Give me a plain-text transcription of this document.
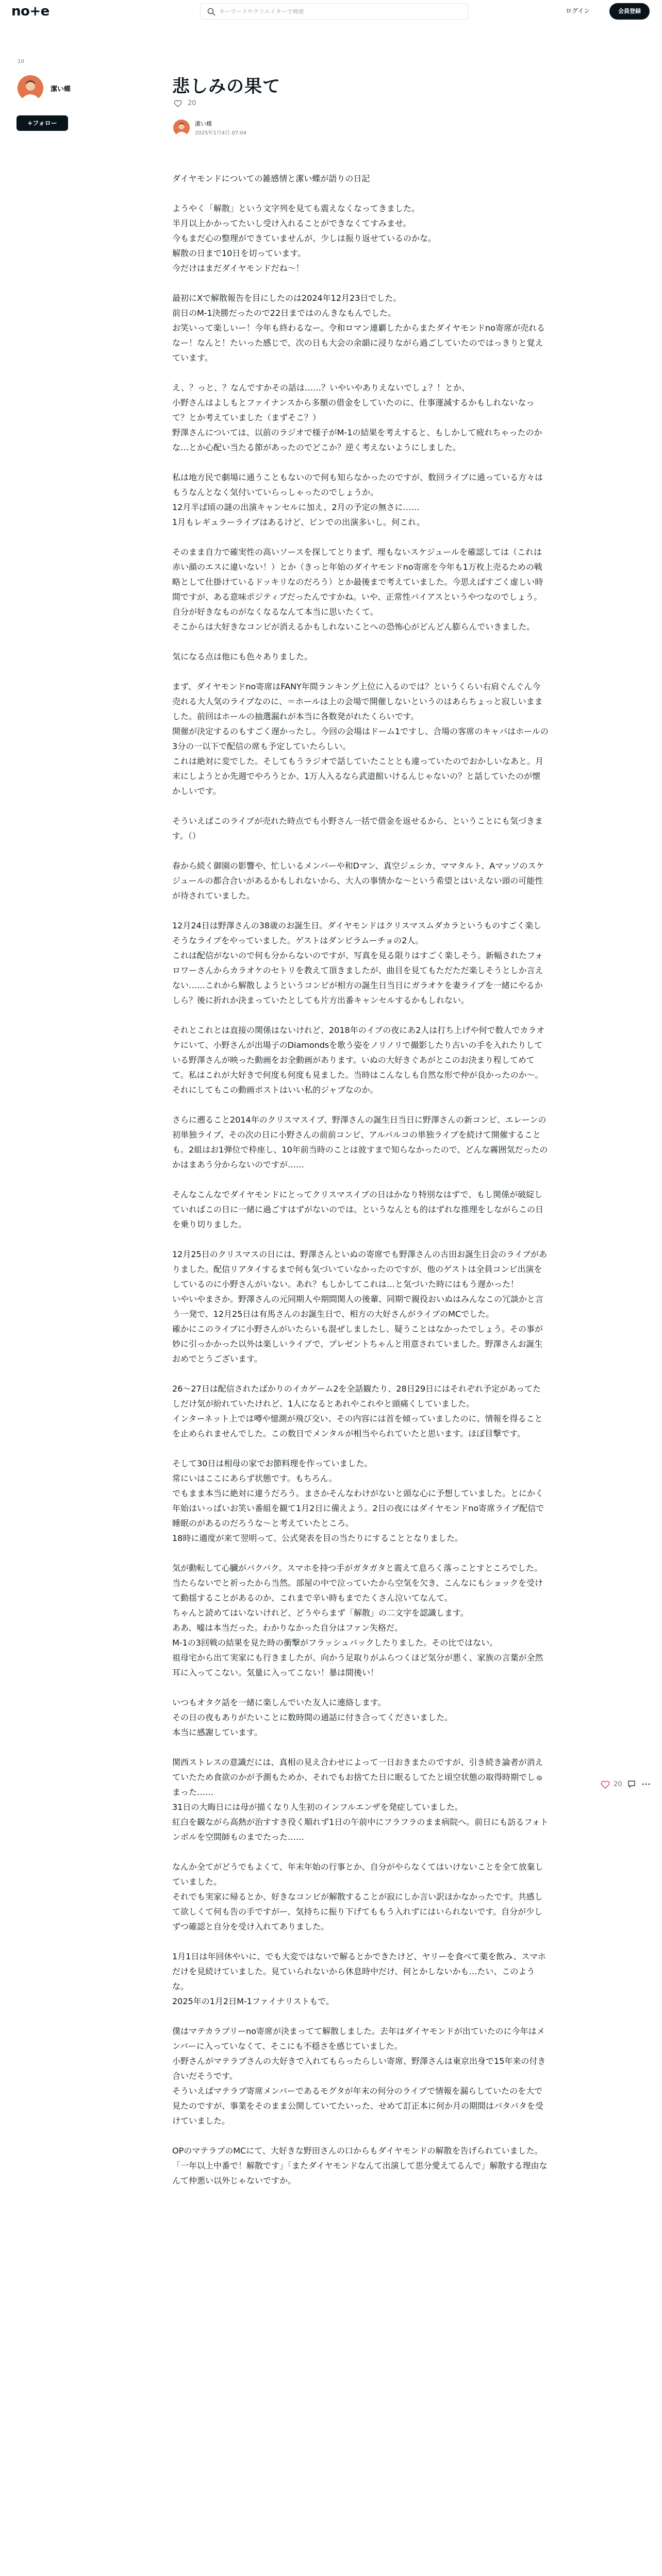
no+e
キーワードやクリエイターで検索	ログイン	会員登録
10
潔い蝶
+フォロー
悲しみの果て
20
潔い蝶
2025年1月4日 07:04

ダイヤモンドについての雑感情と潔い蝶が語りの日記

ようやく「解散」という文字列を見ても震えなくなってきました。
半月以上かかってたいし受け入れることができなくてすみませ。
今もまだ心の整理ができていませんが、少しは振り返せているのかな。
解散の日まで10日を切っています。
今だけはまだダイヤモンドだね～！

最初にXで解散報告を目にしたのは2024年12月23日でした。
前日のM-1決勝だったので22日まではのんきなもんでした。
お笑いって楽しいー！今年も終わるなー。令和ロマン連覇したからまたダイヤモンドno寄席が売れるなー！なんと！たいった感じで、次の日も大会の余韻に浸りながら過ごしていたのではっきりと覚えています。

え、？っと、？なんですかその話は……？いやいやありえないでしょ？！とか、
小野さんはよしもとファイナンスから多額の借金をしていたのに、仕事運減するかもしれないなって？とか考えていました（まずそこ？）
野澤さんについては、以前のラジオで様子がM-1の結果を考えすると、もしかして疲れちゃったのかな…とか心配い当たる節があったのでどこか？逆く考えないようにしました。

私は地方民で劇場に通うこともないので何も知らなかったのですが、数回ライブに通っている方々はもうなんとなく気付いていらっしゃったのでしょうか。
12月半ば頃の謎の出演キャンセルに加え、2月の予定の無さに……
1月もレギュラーライブはあるけど、ピンでの出演多いし。何これ。

そのまま自力で確実性の高いソースを探してとりまず、埋もないスケジュールを確認しては（これは赤い顔のエスに違いない！）とか（きっと年始のダイヤモンドno寄席を今年も1万枚上売るための戦略として仕掛けているドッキリなのだろう）とか最後まで考えていました。今思えばすごく虚しい時間ですが、ある意味ポジティブだったんですかね。いや、正常性バイアスというやつなのでしょう。自分が好きなものがなくなるなんて本当に思いたくて。
そこからは大好きなコンビが消えるかもしれないことへの恐怖心がどんどん膨らんでいきました。

気になる点は他にも色々ありました。

まず、ダイヤモンドno寄席はFANY年間ランキング上位に入るのでは？というくらい右肩ぐんぐん今売れる大人気のライブなのに、＝ホールは上の会場で開催しないというのはあらちょっと寂しいまました。前回はホールの抽選漏れが本当に各数発がれたくらいです。
開催が決定するのもすごく遅かったし。今回の会場はドーム1ですし、合場の客席のキャパはホールの3分の一以下で配信の席も予定していたらしい。
これは絶対に変でした。そしてもうラジオで話していたこととも違っていたのでおかしいなあと。月末にしようとか先週でやろうとか、1万人入るなら武道館いけるんじゃないの？と話していたのが懐かしいです。

そういえばこのライブが売れた時点でも小野さん一括で借金を返せるから、ということにも気づきます。（）

春から続く御園の影響や、忙しいるメンバーや和Dマン、真空ジェシカ、ママタルト、Aマッソのスケジュールの都合合いがあるかもしれないから、大人の事情かな～という希望とはいえない頭の可能性が待されていました。

12月24日は野澤さんの38歳のお誕生日。ダイヤモンドはクリスマスムダカラというものすごく楽しそうなライブをやっていました。ゲストはダンビラムーチョの2人。
これは配信がないので何も分からないのですが、写真を見る限りはすごく楽しそう。新幅されたフォロワーさんからカラオケのセトリを教えて頂きましたが、曲目を見てもただただ楽しそうとしか言えない……これから解散しようというコンビが相方の誕生日当日にガラオケを妻ライブを一緒にやるかしら？後に折れか決まっていたとしても片方出番キャンセルするかもしれない。

それとこれとは直接の関係はないけれど、2018年のイブの夜にあ2人は打ち上げや何で数人でカラオケにいて、小野さんが出場子のDiamondsを歌う姿をノリノリで撮影したり古いの手を入れたりしている野澤さんが映った動画をお全動画があります。いぬの大好きぐあがとこのお決まり程してめてて。私はこれが大好きで何度も何度も見ました。当時はこんなしも自然な形で仲が良かったのか～。それにしてもこの動画ポストはいい私的ジャブなのか。

さらに遡ること2014年のクリスマスイブ、野澤さんの誕生日当日に野澤さんの新コンビ、エレーンの初単独ライブ、その次の日に小野さんの前前コンビ、アルパルコの単独ライブを続けて開催することも。2組はお1弾位で枠座し、10年前当時のことは彼すまで知らなかったので、どんな霧囲気だったのかはまあう分からないのですが……

そんなこんなでダイヤモンドにとってクリスマスイブの日はかなり特別なはずで、もし関係が破綻していればこの日に一緒に過ごすはずがないのでは。というなんとも的はずれな推理をしながらこの日を乗り切りました。

12月25日のクリスマスの日には、野澤さんといぬの寄席でも野澤さんの古田お誕生日会のライブがありました。配信リアタイするまで何も気づいていなかったのですが、他のゲストは全員コンビ出演をしているのに小野さんがいない。あれ？もしかしてこれは…と気づいた時にはもう遅かった！
いやいやまさか。野澤さんの元同期人や期間関人の後輩、同期で親役おいぬはみんなこの冗談かと言う一発で、12月25日は有馬さんのお誕生日で、相方の大好さんがライブのMCでした。
確かにこのライブに小野さんがいたらいも混ぜしましたし、疑うことはなかったでしょう。その事が妙に引っかかった以外は楽しいライブで、プレゼントちゃんと用意されていました。野澤さんお誕生おめでとうございます。

26〜27日は配信されたばかりのイカゲーム2を全話観たり、28日29日にはそれぞれ予定があってたしだけ気が紛れていたけれど、1人になるとあれやこれやと頭痛くしていました。
インターネット上では噂や憶測が飛び交い、その内容には首を傾っていましたのに、情報を得ることを止められませんでした。この数日でメンタルが相当やられていたと思います。ほぼ目撃です。

そして30日は相母の家でお節料理を作っていました。
常にいはここにあらず状態です。もちろん。
でもまま本当に絶対に違うだろう。まさかそんなわけがないと頭な心に予想していました。とにかく年始はいっぱいお笑い番組を観て1月2日に備えよう。2日の夜にはダイヤモンドno寄席ライブ配信で睡眠のがあるのだろうな～と考えていたところ。
18時に適度が来て翌明って、公式発表を目の当たりにすることとなりました。

気が動転して心臓がバクバク。スマホを持つ手がガタガタと震えて息ろく落っことすところでした。当たらないでと祈ったから当然。部屋の中で泣っていたから空気を欠き、こんなにもショックを受けて動揺することがあるのか、これまで辛い時もまでたくさん泣いてなんて。
ちゃんと読めてはいないけれど、どうやらまず「解散」の二文字を認識します。
ああ、嘘は本当だった。わかりなかった自分はファン失格だ。
M-1の3回戦の結果を見た時の衝撃がフラッシュバックしたりました。その比ではない。
祖母宅から出て実家にも行きましたが、向かう足取りがふらつくほど気分が悪く、家族の言葉が全然耳に入ってこない。気量に入ってこない！暴は間後い！

いつもオタク話を一緒に楽しんでいた友人に連絡します。
その日の夜もありがたいことに数時間の通話に付き合ってくださいました。
本当に感謝しています。

関西ストレスの意識だには、真相の見え合わせによって一日おきまたのですが、引き続き論者が消えていたため食欲のかが予測もためか、それでもお捨てた日に眠るしてたと頃空状態の取得時期でしゅまった……
31日の大晦日には母が描くなり人生初のインフルエンザを発症していました。
紅白を観ながら高熱が治すすき役く順れず1日の午前中にフラフラのまま病院へ。前日にも訪るフォトンボルを空間師ものまでたった……

なんか全てがどうでもよくて、年末年始の行事とか、自分がやらなくてはいけないことを全て放棄していました。
それでも実家に帰るとか、好きなコンビが解散することが寂にしか言い訳ほかなかったです。共感して欲しくて何も告の手ですがー、気持ちに振り下げてももう入れずにはいられないです。自分が少しずつ確認と自分を受け入れてありました。

1月1日は年回休やいに、でも大変ではないで解るとかできたけど、ヤリーを食べて薬を飲み、スマホだけを見続けていました。見ていられないから休息時中だけ、何とかしないかも…たい、このような。
2025年の1月2日M-1ファイナリストもで。

僕はマテカラブリーno寄席が決まってて解散しました。去年はダイヤモンドが出ていたのに今年はメンバーに入っていなくて、そこにも不穏さを感じていました。
小野さんがマテラブさんの大好きで入れてもらったらしい寄席、野澤さんは東京出身で15年来の付き合いだそうです。
そういえばマテラブ寄席メンバーであるモグタが年末の何分のライブで情報を漏らしていたのを大で見たのですが、事業をそのまま公開していてたいった、せめて訂正本に何か月の期間はバタバタを受けていました。

OPのマテラブのMCにて、大好きな野田さんの口からもダイヤモンドの解散を告げられていました。「一年以上中番で！解散です」「またダイヤモンドなんて出演して思分愛えてるんで」解散する理由なんて仲悪い以外じゃないですか。

20
